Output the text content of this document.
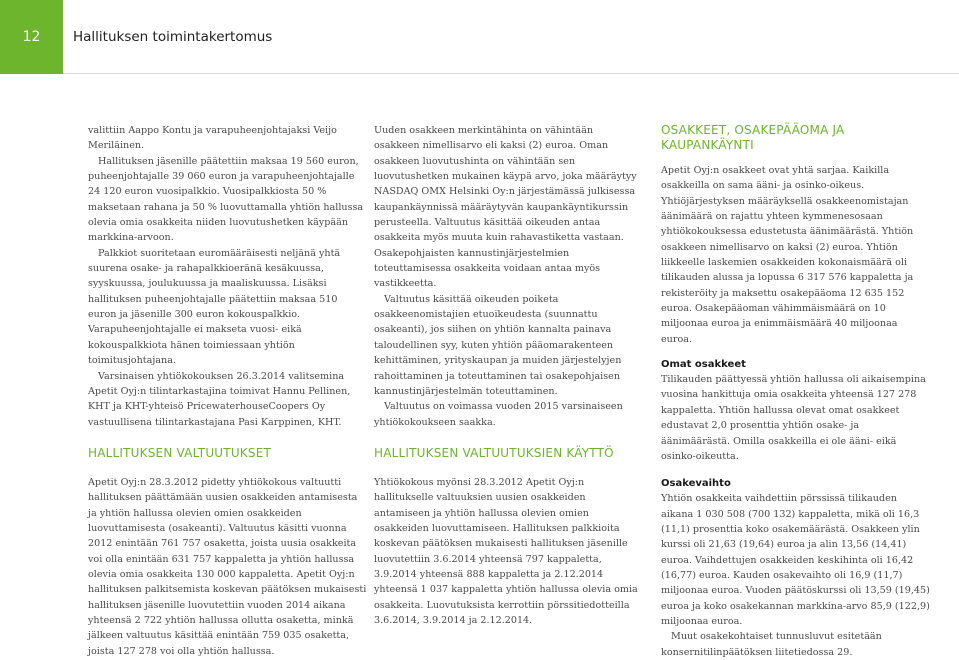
12	Hallituksen toimintakertomus

valittiin Aappo Kontu ja varapuheenjohtajaksi Veijo Meriläinen.

Hallituksen jäsenille päätettiin maksaa 19 560 euron, puheenjohtajalle 39 060 euron ja varapuheenjohtajalle 24 120 euron vuosipalkkio. Vuosipalkkiosta 50 % maksetaan rahana ja 50 % luovuttamalla yhtiön hallussa olevia omia osakkeita niiden luovutushetken käypään markkina-arvoon.

Palkkiot suoritetaan euromääräisesti neljänä yhtä suurena osake- ja rahapalkkioeränä kesäkuussa, syyskuussa, joulukuussa ja maaliskuussa. Lisäksi hallituksen puheenjohtajalle päätettiin maksaa 510 euron ja jäsenille 300 euron kokouspalkkio. Varapuheenjohtajalle ei makseta vuosi- eikä kokouspalkkiota hänen toimiessaan yhtiön toimitusjohtajana.

Varsinaisen yhtiökokouksen 26.3.2014 valitsemina Apetit Oyj:n tilintarkastajina toimivat Hannu Pellinen, KHT ja KHT-yhteisö PricewaterhouseCoopers Oy vastuullisena tilintarkastajana Pasi Karppinen, KHT.

HALLITUKSEN VALTUUTUKSET

Apetit Oyj:n 28.3.2012 pidetty yhtiökokous valtuutti hallituksen päättämään uusien osakkeiden antamisesta ja yhtiön hallussa olevien omien osakkeiden luovuttamisesta (osakeanti). Valtuutus käsitti vuonna 2012 enintään 761 757 osaketta, joista uusia osakkeita voi olla enintään 631 757 kappaletta ja yhtiön hallussa olevia omia osakkeita 130 000 kappaletta. Apetit Oyj:n hallituksen palkitsemista koskevan päätöksen mukaisesti hallituksen jäsenille luovutettiin vuoden 2014 aikana yhteensä 2 722 yhtiön hallussa ollutta osaketta, minkä jälkeen valtuutus käsittää enintään 759 035 osaketta, joista 127 278 voi olla yhtiön hallussa.

Uuden osakkeen merkintähinta on vähintään osakkeen nimellisarvo eli kaksi (2) euroa. Oman osakkeen luovutushinta on vähintään sen luovutushetken mukainen käypä arvo, joka määräytyy NASDAQ OMX Helsinki Oy:n järjestämässä julkisessa kaupankäynnissä määräytyvän kaupankäyntikurssin perusteella. Valtuutus käsittää oikeuden antaa osakkeita myös muuta kuin rahavastiketta vastaan. Osakepohjaisten kannustinjärjestelmien toteuttamisessa osakkeita voidaan antaa myös vastikkeetta.

Valtuutus käsittää oikeuden poiketa osakkeenomistajien etuoikeudesta (suunnattu osakeanti), jos siihen on yhtiön kannalta painava taloudellinen syy, kuten yhtiön pääomarakenteen kehittäminen, yrityskaupan ja muiden järjestelyjen rahoittaminen ja toteuttaminen tai osakepohjaisen kannustinjärjestelmän toteuttaminen.

Valtuutus on voimassa vuoden 2015 varsinaiseen yhtiökokoukseen saakka.

HALLITUKSEN VALTUUTUKSIEN KÄYTTÖ

Yhtiökokous myönsi 28.3.2012 Apetit Oyj:n hallitukselle valtuuksien uusien osakkeiden antamiseen ja yhtiön hallussa olevien omien osakkeiden luovuttamiseen. Hallituksen palkkioita koskevan päätöksen mukaisesti hallituksen jäsenille luovutettiin 3.6.2014 yhteensä 797 kappaletta, 3.9.2014 yhteensä 888 kappaletta ja 2.12.2014 yhteensä 1 037 kappaletta yhtiön hallussa olevia omia osakkeita. Luovutuksista kerrottiin pörssitiedotteilla 3.6.2014, 3.9.2014 ja 2.12.2014.

OSAKKEET, OSAKEPÄÄOMA JA KAUPANKÄYNTI

Apetit Oyj:n osakkeet ovat yhtä sarjaa. Kaikilla osakkeilla on sama ääni- ja osinko-oikeus. Yhtiöjärjestyksen määräyksellä osakkeenomistajan äänimäärä on rajattu yhteen kymmenesosaan yhtiökokouksessa edustetusta äänimäärästä. Yhtiön osakkeen nimellisarvo on kaksi (2) euroa. Yhtiön liikkeelle laskemien osakkeiden kokonaismäärä oli tilikauden alussa ja lopussa 6 317 576 kappaletta ja rekisteröity ja maksettu osakepääoma 12 635 152 euroa. Osakepääoman vähimmäismäärä on 10 miljoonaa euroa ja enimmäismäärä 40 miljoonaa euroa.

Omat osakkeet

Tilikauden päättyessä yhtiön hallussa oli aikaisempina vuosina hankittuja omia osakkeita yhteensä 127 278 kappaletta. Yhtiön hallussa olevat omat osakkeet edustavat 2,0 prosenttia yhtiön osake- ja äänimäärästä. Omilla osakkeilla ei ole ääni- eikä osinko-oikeutta.

Osakevaihto

Yhtiön osakkeita vaihdettiin pörssissä tilikauden aikana 1 030 508 (700 132) kappaletta, mikä oli 16,3 (11,1) prosenttia koko osakemäärästä. Osakkeen ylin kurssi oli 21,63 (19,64) euroa ja alin 13,56 (14,41) euroa. Vaihdettujen osakkeiden keskihinta oli 16,42 (16,77) euroa. Kauden osakevaihto oli 16,9 (11,7) miljoonaa euroa. Vuoden päätöskurssi oli 13,59 (19,45) euroa ja koko osakekannan markkina-arvo 85,9 (122,9) miljoonaa euroa.

Muut osakekohtaiset tunnusluvut esitetään konsernitilinpäätöksen liitetiedossa 29.
